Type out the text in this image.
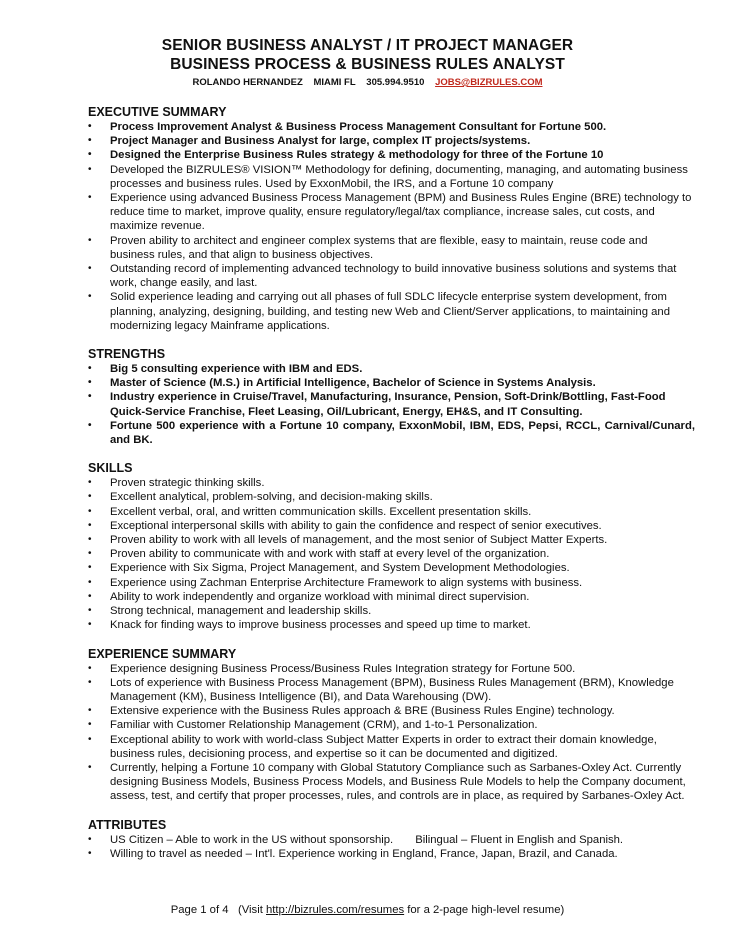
SENIOR BUSINESS ANALYST / IT PROJECT MANAGER
BUSINESS PROCESS & BUSINESS RULES ANALYST
ROLANDO HERNANDEZ MIAMI FL 305.994.9510 JOBS@BIZRULES.COM
EXECUTIVE SUMMARY
• Process Improvement Analyst & Business Process Management Consultant for Fortune 500.
• Project Manager and Business Analyst for large, complex IT projects/systems.
• Designed the Enterprise Business Rules strategy & methodology for three of the Fortune 10
• Developed the BIZRULES® VISION™ Methodology for defining, documenting, managing, and automating business processes and business rules. Used by ExxonMobil, the IRS, and a Fortune 10 company
• Experience using advanced Business Process Management (BPM) and Business Rules Engine (BRE) technology to reduce time to market, improve quality, ensure regulatory/legal/tax compliance, increase sales, cut costs, and maximize revenue.
• Proven ability to architect and engineer complex systems that are flexible, easy to maintain, reuse code and business rules, and that align to business objectives.
• Outstanding record of implementing advanced technology to build innovative business solutions and systems that work, change easily, and last.
• Solid experience leading and carrying out all phases of full SDLC lifecycle enterprise system development, from planning, analyzing, designing, building, and testing new Web and Client/Server applications, to maintaining and modernizing legacy Mainframe applications.
STRENGTHS
• Big 5 consulting experience with IBM and EDS.
• Master of Science (M.S.) in Artificial Intelligence, Bachelor of Science in Systems Analysis.
• Industry experience in Cruise/Travel, Manufacturing, Insurance, Pension, Soft-Drink/Bottling, Fast-Food Quick-Service Franchise, Fleet Leasing, Oil/Lubricant, Energy, EH&S, and IT Consulting.
• Fortune 500 experience with a Fortune 10 company, ExxonMobil, IBM, EDS, Pepsi, RCCL, Carnival/Cunard, and BK.
SKILLS
• Proven strategic thinking skills.
• Excellent analytical, problem-solving, and decision-making skills.
• Excellent verbal, oral, and written communication skills. Excellent presentation skills.
• Exceptional interpersonal skills with ability to gain the confidence and respect of senior executives.
• Proven ability to work with all levels of management, and the most senior of Subject Matter Experts.
• Proven ability to communicate with and work with staff at every level of the organization.
• Experience with Six Sigma, Project Management, and System Development Methodologies.
• Experience using Zachman Enterprise Architecture Framework to align systems with business.
• Ability to work independently and organize workload with minimal direct supervision.
• Strong technical, management and leadership skills.
• Knack for finding ways to improve business processes and speed up time to market.
EXPERIENCE SUMMARY
• Experience designing Business Process/Business Rules Integration strategy for Fortune 500.
• Lots of experience with Business Process Management (BPM), Business Rules Management (BRM), Knowledge Management (KM), Business Intelligence (BI), and Data Warehousing (DW).
• Extensive experience with the Business Rules approach & BRE (Business Rules Engine) technology.
• Familiar with Customer Relationship Management (CRM), and 1-to-1 Personalization.
• Exceptional ability to work with world-class Subject Matter Experts in order to extract their domain knowledge, business rules, decisioning process, and expertise so it can be documented and digitized.
• Currently, helping a Fortune 10 company with Global Statutory Compliance such as Sarbanes-Oxley Act. Currently designing Business Models, Business Process Models, and Business Rule Models to help the Company document, assess, test, and certify that proper processes, rules, and controls are in place, as required by Sarbanes-Oxley Act.
ATTRIBUTES
• US Citizen – Able to work in the US without sponsorship. Bilingual – Fluent in English and Spanish.
• Willing to travel as needed – Int'l. Experience working in England, France, Japan, Brazil, and Canada.
Page 1 of 4 (Visit http://bizrules.com/resumes for a 2-page high-level resume)
